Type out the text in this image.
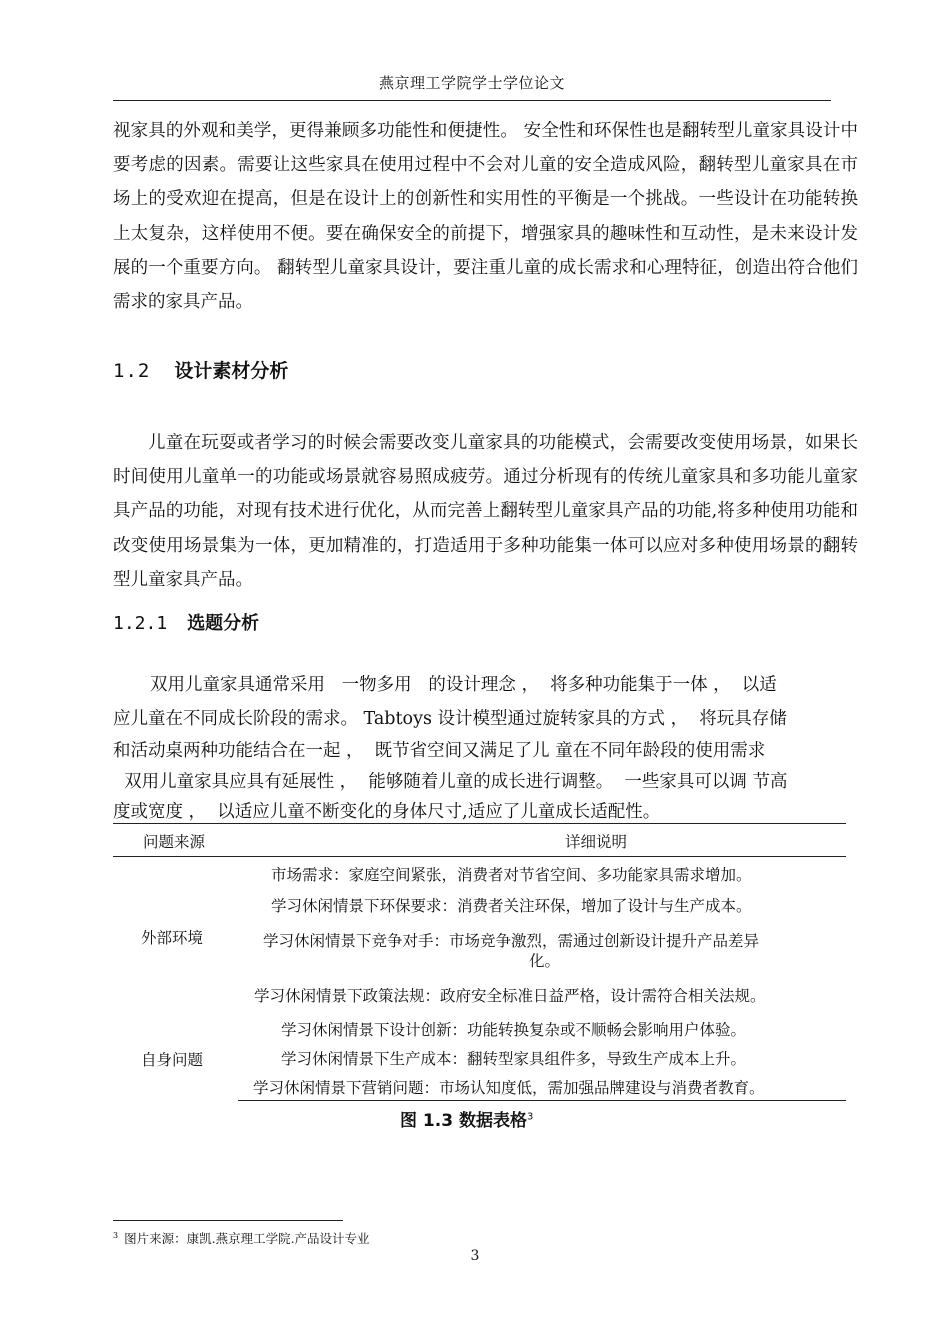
燕京理工学院学士学位论文

视家具的外观和美学，更得兼顾多功能性和便捷性。 安全性和环保性也是翻转型儿童家具设计中要考虑的因素。需要让这些家具在使用过程中不会对儿童的安全造成风险，翻转型儿童家具在市场上的受欢迎在提高，但是在设计上的创新性和实用性的平衡是一个挑战。一些设计在功能转换上太复杂，这样使用不便。要在确保安全的前提下，增强家具的趣味性和互动性，是未来设计发展的一个重要方向。 翻转型儿童家具设计，要注重儿童的成长需求和心理特征，创造出符合他们需求的家具产品。

1.2 设计素材分析

儿童在玩耍或者学习的时候会需要改变儿童家具的功能模式，会需要改变使用场景，如果长时间使用儿童单一的功能或场景就容易照成疲劳。通过分析现有的传统儿童家具和多功能儿童家具产品的功能，对现有技术进行优化，从而完善上翻转型儿童家具产品的功能,将多种使用功能和改变使用场景集为一体，更加精准的，打造适用于多种功能集一体可以应对多种使用场景的翻转型儿童家具产品。

1.2.1 选题分析
双用儿童家具通常采用   一物多用   的设计理念 ，  将多种功能集于一体 ，  以适
应儿童在不同成长阶段的需求。 Tabtoys 设计模型通过旋转家具的方式 ，  将玩具存储
和活动桌两种功能结合在一起 ，  既节省空间又满足了儿 童在不同年龄段的使用需求
双用儿童家具应具有延展性 ，  能够随着儿童的成长进行调整。  一些家具可以调 节高
度或宽度 ，  以适应儿童不断变化的身体尺寸,适应了儿童成长适配性。
问题来源	详细说明
外部环境
市场需求：家庭空间紧张，消费者对节省空间、多功能家具需求增加。
学习休闲情景下环保要求：消费者关注环保，增加了设计与生产成本。
学习休闲情景下竞争对手：市场竞争激烈，需通过创新设计提升产品差异
化。
学习休闲情景下政策法规：政府安全标准日益严格，设计需符合相关法规。
自身问题
学习休闲情景下设计创新：功能转换复杂或不顺畅会影响用户体验。
学习休闲情景下生产成本：翻转型家具组件多，导致生产成本上升。
学习休闲情景下营销问题：市场认知度低，需加强品牌建设与消费者教育。
图 1.3 数据表格$^3$
$^3$ 图片来源：康凯.燕京理工学院.产品设计专业
3
